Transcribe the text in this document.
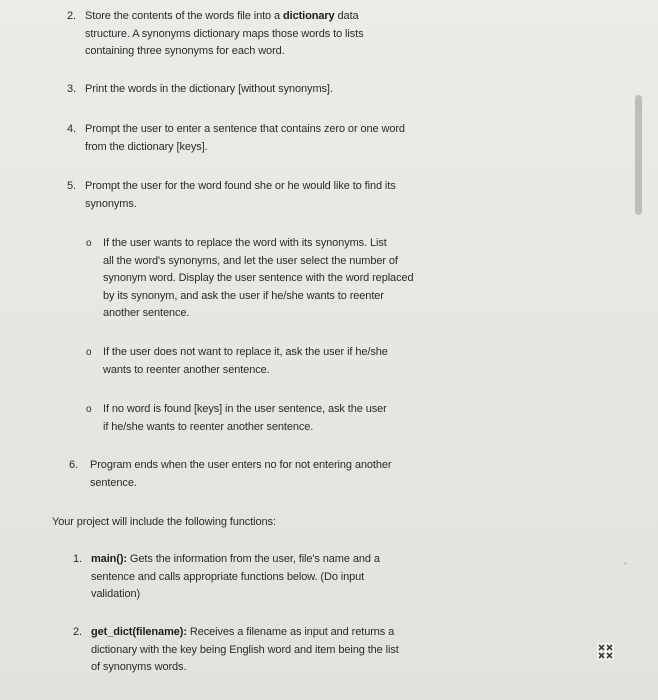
2. Store the contents of the words file into a dictionary data
structure. A synonyms dictionary maps those words to lists
containing three synonyms for each word.
3. Print the words in the dictionary [without synonyms].
4. Prompt the user to enter a sentence that contains zero or one word
from the dictionary [keys].
5. Prompt the user for the word found she or he would like to find its
synonyms.
o If the user wants to replace the word with its synonyms. List
all the word's synonyms, and let the user select the number of
synonym word. Display the user sentence with the word replaced
by its synonym, and ask the user if he/she wants to reenter
another sentence.
o If the user does not want to replace it, ask the user if he/she
wants to reenter another sentence.
o If no word is found [keys] in the user sentence, ask the user
if he/she wants to reenter another sentence.
6. Program ends when the user enters no for not entering another
sentence.
Your project will include the following functions:
1. main(): Gets the information from the user, file's name and a
sentence and calls appropriate functions below. (Do input
validation)
2. get_dict(filename): Receives a filename as input and returns a
dictionary with the key being English word and item being the list
of synonyms words.
